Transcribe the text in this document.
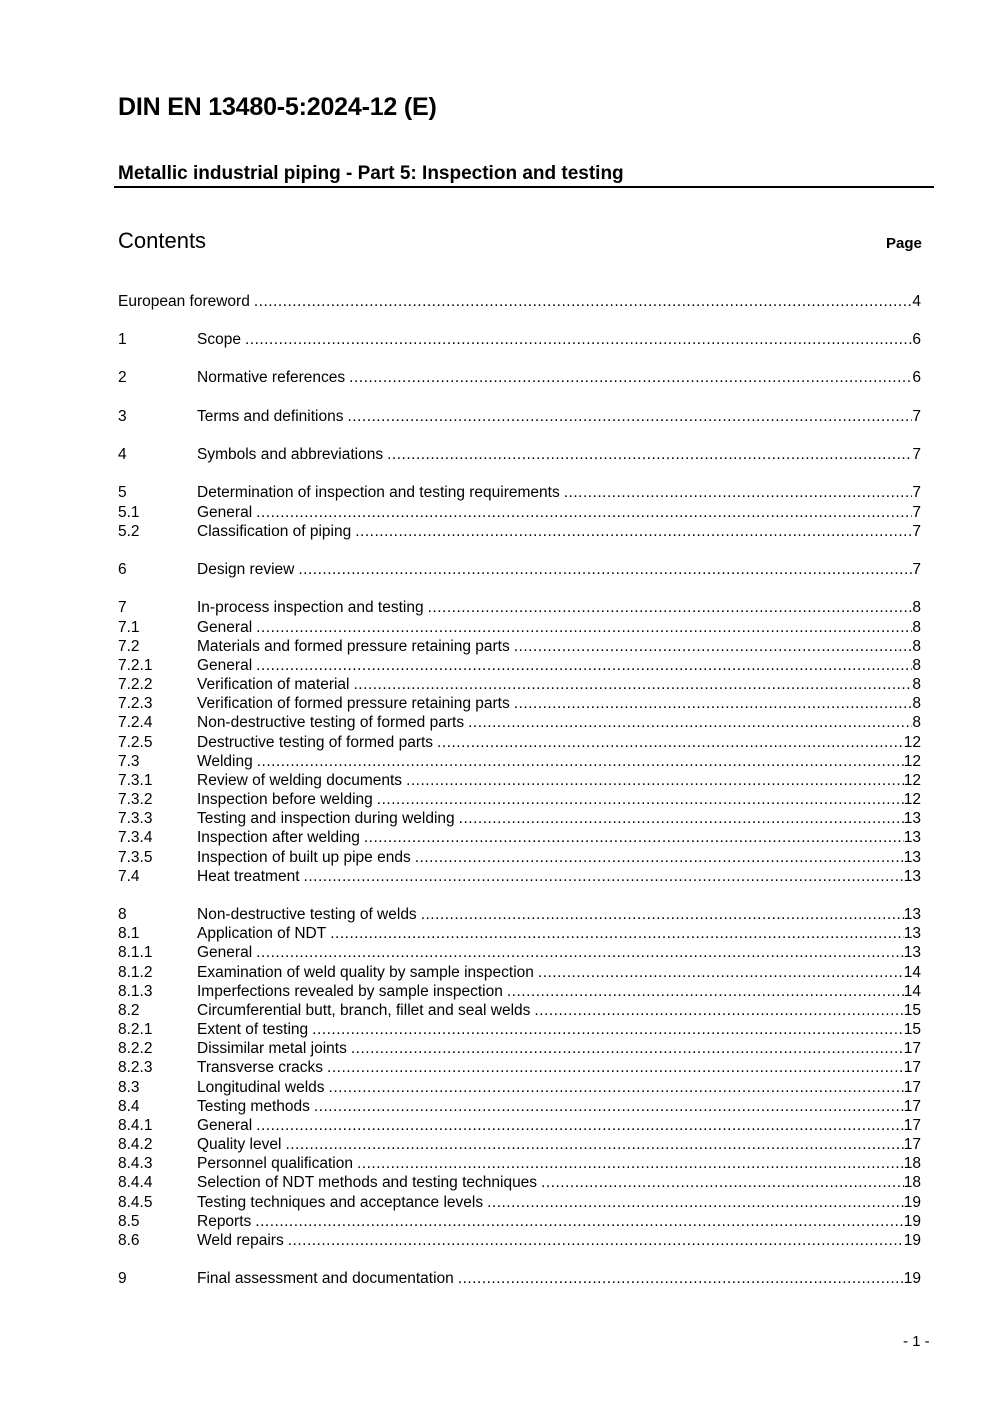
DIN EN 13480-5:2024-12 (E)
Metallic industrial piping - Part 5: Inspection and testing
Contents	Page
European foreword .....	4
1	Scope .....	6
2	Normative references .....	6
3	Terms and definitions .....	7
4	Symbols and abbreviations .....	7
5	Determination of inspection and testing requirements .....	7
5.1	General .....	7
5.2	Classification of piping .....	7
6	Design review .....	7
7	In-process inspection and testing .....	8
7.1	General .....	8
7.2	Materials and formed pressure retaining parts .....	8
7.2.1	General .....	8
7.2.2	Verification of material .....	8
7.2.3	Verification of formed pressure retaining parts .....	8
7.2.4	Non-destructive testing of formed parts .....	8
7.2.5	Destructive testing of formed parts .....	12
7.3	Welding .....	12
7.3.1	Review of welding documents .....	12
7.3.2	Inspection before welding .....	12
7.3.3	Testing and inspection during welding .....	13
7.3.4	Inspection after welding .....	13
7.3.5	Inspection of built up pipe ends .....	13
7.4	Heat treatment .....	13
8	Non-destructive testing of welds .....	13
8.1	Application of NDT .....	13
8.1.1	General .....	13
8.1.2	Examination of weld quality by sample inspection .....	14
8.1.3	Imperfections revealed by sample inspection .....	14
8.2	Circumferential butt, branch, fillet and seal welds .....	15
8.2.1	Extent of testing .....	15
8.2.2	Dissimilar metal joints .....	17
8.2.3	Transverse cracks .....	17
8.3	Longitudinal welds .....	17
8.4	Testing methods .....	17
8.4.1	General .....	17
8.4.2	Quality level .....	17
8.4.3	Personnel qualification .....	18
8.4.4	Selection of NDT methods and testing techniques .....	18
8.4.5	Testing techniques and acceptance levels .....	19
8.5	Reports .....	19
8.6	Weld repairs .....	19
9	Final assessment and documentation .....	19
- 1 -
